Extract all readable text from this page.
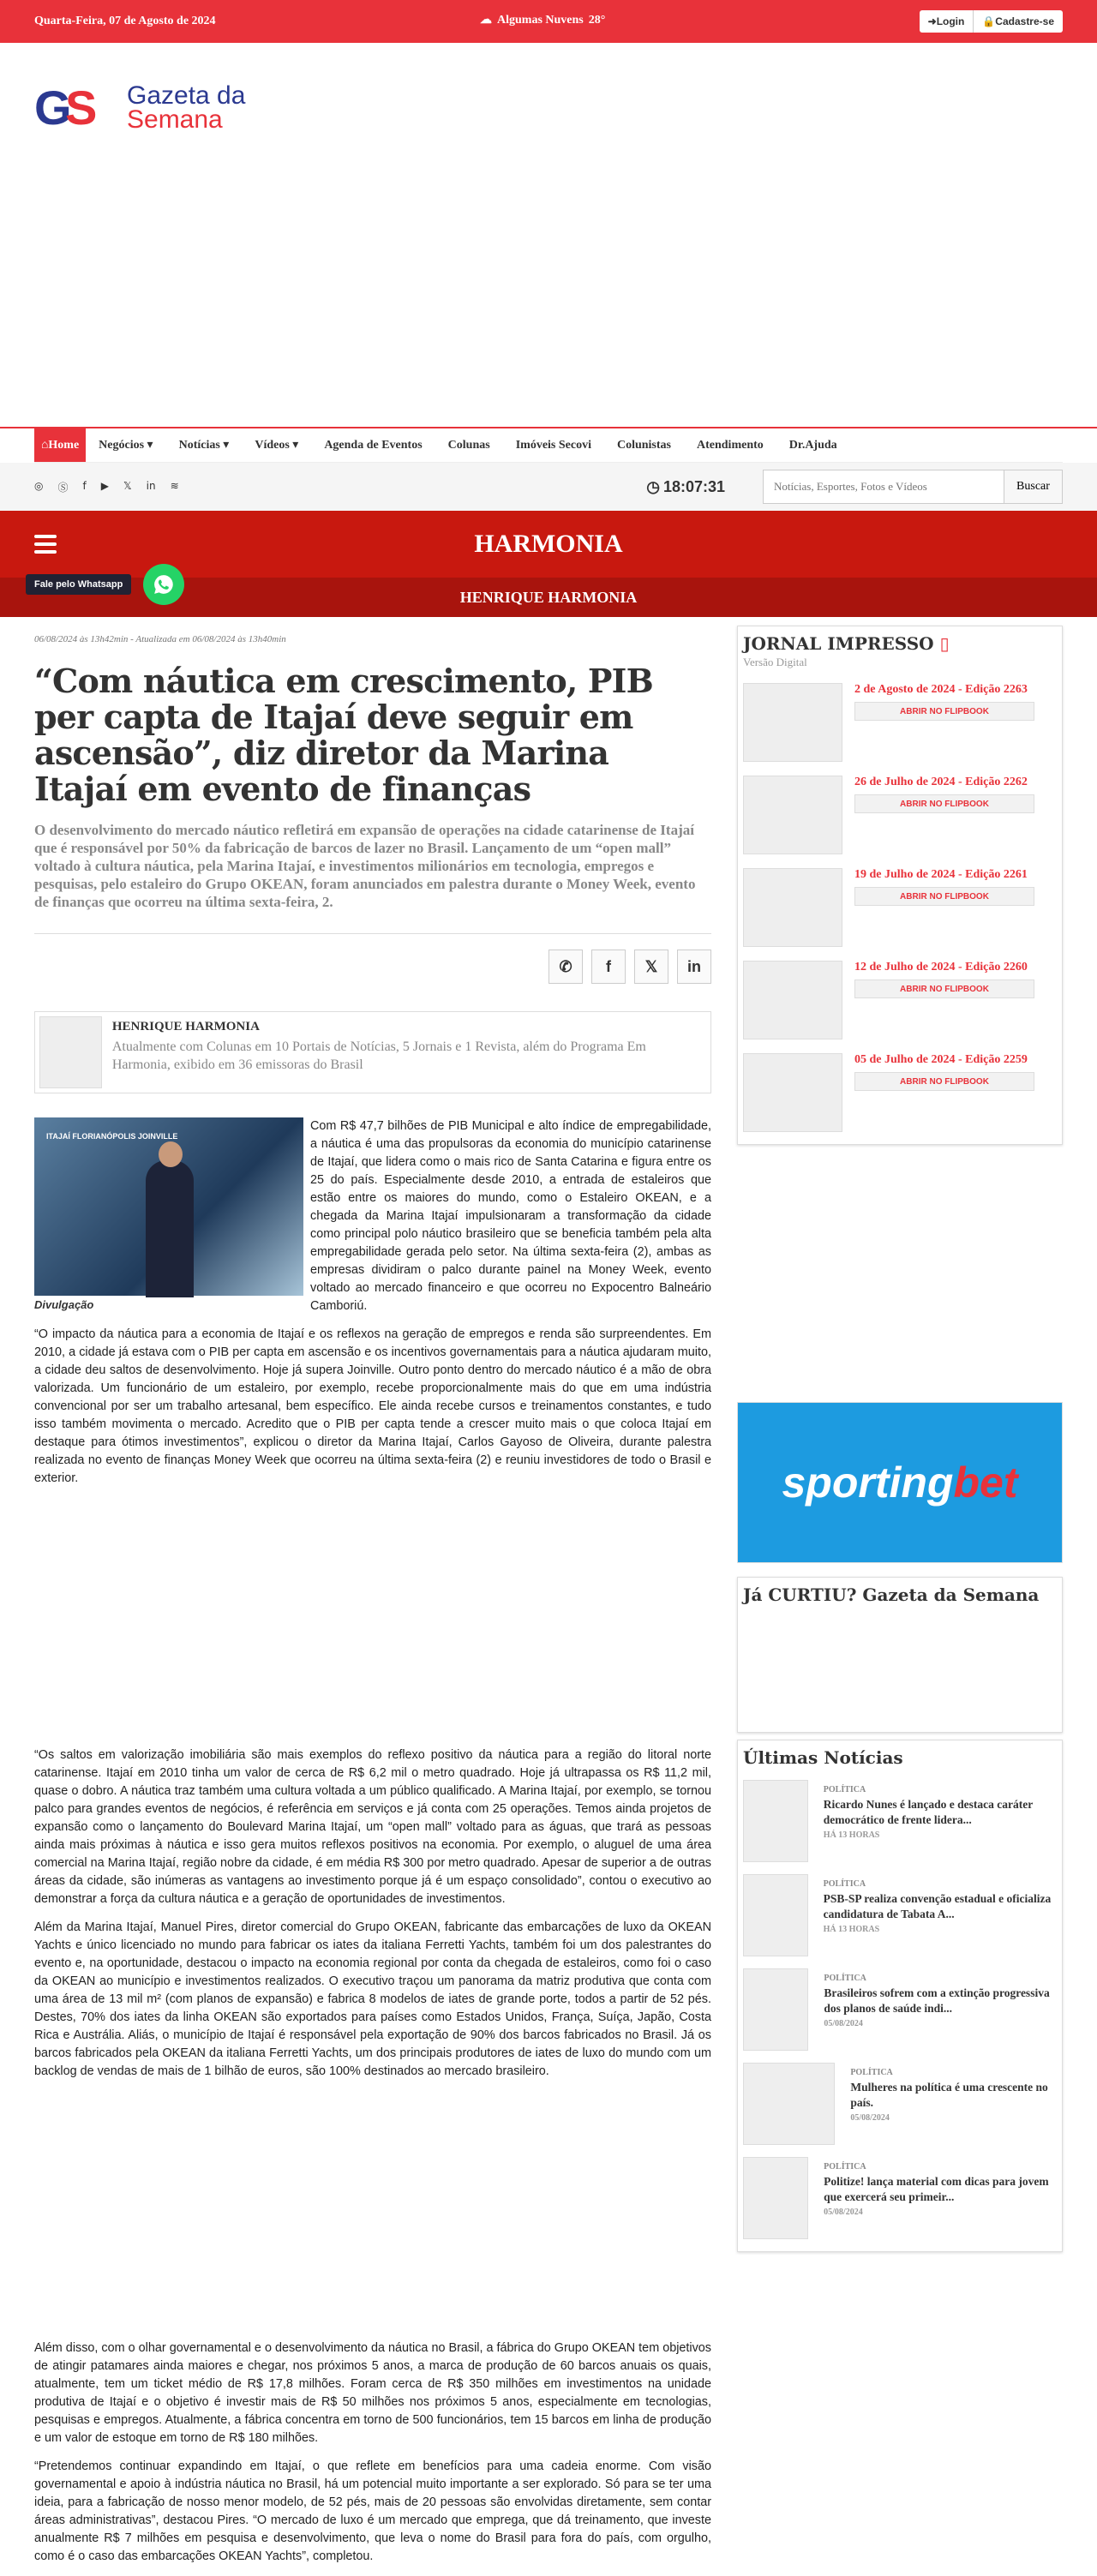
Quarta-Feira, 07 de Agosto de 2024	☁ Algumas Nuvens 28°	➜Login	🔒Cadastre-se
G
S Gazeta da
Semana
⌂ Home	Negócios ▾	Notícias ▾	Vídeos ▾	Agenda de Eventos	Colunas	Imóveis Secovi	Colunistas	Atendimento	Dr.Ajuda
◎ Ⓢ f ▶ 𝕏 in ≋	◷ 18:07:31
Notícias, Esportes, Fotos e Vídeos	Buscar
HARMONIA
HENRIQUE HARMONIA
Fale pelo Whatsapp
06/08/2024 às 13h42min - Atualizada em 06/08/2024 às 13h40min
“Com náutica em crescimento, PIB per capta de Itajaí deve seguir em ascensão”, diz diretor da Marina Itajaí em evento de finanças

O desenvolvimento do mercado náutico refletirá em expansão de operações na cidade catarinense de Itajaí que é responsável por 50% da fabricação de barcos de lazer no Brasil. Lançamento de um “open mall” voltado à cultura náutica, pela Marina Itajaí, e investimentos milionários em tecnologia, empregos e pesquisas, pelo estaleiro do Grupo OKEAN, foram anunciados em palestra durante o Money Week, evento de finanças que ocorreu na última sexta-feira, 2.

✆	f	𝕏	in
HENRIQUE HARMONIA
Atualmente com Colunas em 10 Portais de Notícias, 5 Jornais e 1 Revista, além do Programa Em Harmonia, exibido em 36 emissoras do Brasil
ITAJAÍ FLORIANÓPOLIS JOINVILLE
Divulgação

Com R$ 47,7 bilhões de PIB Municipal e alto índice de empregabilidade, a náutica é uma das propulsoras da economia do município catarinense de Itajaí, que lidera como o mais rico de Santa Catarina e figura entre os 25 do país. Especialmente desde 2010, a entrada de estaleiros que estão entre os maiores do mundo, como o Estaleiro OKEAN, e a chegada da Marina Itajaí impulsionaram a transformação da cidade como principal polo náutico brasileiro que se beneficia também pela alta empregabilidade gerada pelo setor. Na última sexta-feira (2), ambas as empresas dividiram o palco durante painel na Money Week, evento voltado ao mercado financeiro e que ocorreu no Expocentro Balneário Camboriú.

“O impacto da náutica para a economia de Itajaí e os reflexos na geração de empregos e renda são surpreendentes. Em 2010, a cidade já estava com o PIB per capta em ascensão e os incentivos governamentais para a náutica ajudaram muito, a cidade deu saltos de desenvolvimento. Hoje já supera Joinville. Outro ponto dentro do mercado náutico é a mão de obra valorizada. Um funcionário de um estaleiro, por exemplo, recebe proporcionalmente mais do que em uma indústria convencional por ser um trabalho artesanal, bem específico. Ele ainda recebe cursos e treinamentos constantes, e tudo isso também movimenta o mercado. Acredito que o PIB per capta tende a crescer muito mais o que coloca Itajaí em destaque para ótimos investimentos”, explicou o diretor da Marina Itajaí, Carlos Gayoso de Oliveira, durante palestra realizada no evento de finanças Money Week que ocorreu na última sexta-feira (2) e reuniu investidores de todo o Brasil e exterior.

“Os saltos em valorização imobiliária são mais exemplos do reflexo positivo da náutica para a região do litoral norte catarinense. Itajaí em 2010 tinha um valor de cerca de R$ 6,2 mil o metro quadrado. Hoje já ultrapassa os R$ 11,2 mil, quase o dobro. A náutica traz também uma cultura voltada a um público qualificado. A Marina Itajaí, por exemplo, se tornou palco para grandes eventos de negócios, é referência em serviços e já conta com 25 operações. Temos ainda projetos de expansão como o lançamento do Boulevard Marina Itajaí, um “open mall” voltado para as águas, que trará as pessoas ainda mais próximas à náutica e isso gera muitos reflexos positivos na economia. Por exemplo, o aluguel de uma área comercial na Marina Itajaí, região nobre da cidade, é em média R$ 300 por metro quadrado. Apesar de superior a de outras áreas da cidade, são inúmeras as vantagens ao investimento porque já é um espaço consolidado”, contou o executivo ao demonstrar a força da cultura náutica e a geração de oportunidades de investimentos.

Além da Marina Itajaí, Manuel Pires, diretor comercial do Grupo OKEAN, fabricante das embarcações de luxo da OKEAN Yachts e único licenciado no mundo para fabricar os iates da italiana Ferretti Yachts, também foi um dos palestrantes do evento e, na oportunidade, destacou o impacto na economia regional por conta da chegada de estaleiros, como foi o caso da OKEAN ao município e investimentos realizados. O executivo traçou um panorama da matriz produtiva que conta com uma área de 13 mil m² (com planos de expansão) e fabrica 8 modelos de iates de grande porte, todos a partir de 52 pés. Destes, 70% dos iates da linha OKEAN são exportados para países como Estados Unidos, França, Suíça, Japão, Costa Rica e Austrália. Aliás, o município de Itajaí é responsável pela exportação de 90% dos barcos fabricados no Brasil. Já os barcos fabricados pela OKEAN da italiana Ferretti Yachts, um dos principais produtores de iates de luxo do mundo com um backlog de vendas de mais de 1 bilhão de euros, são 100% destinados ao mercado brasileiro.

Além disso, com o olhar governamental e o desenvolvimento da náutica no Brasil, a fábrica do Grupo OKEAN tem objetivos de atingir patamares ainda maiores e chegar, nos próximos 5 anos, a marca de produção de 60 barcos anuais os quais, atualmente, tem um ticket médio de R$ 17,8 milhões. Foram cerca de R$ 350 milhões em investimentos na unidade produtiva de Itajaí e o objetivo é investir mais de R$ 50 milhões nos próximos 5 anos, especialmente em tecnologias, pesquisas e empregos. Atualmente, a fábrica concentra em torno de 500 funcionários, tem 15 barcos em linha de produção e um valor de estoque em torno de R$ 180 milhões.

“Pretendemos continuar expandindo em Itajaí, o que reflete em benefícios para uma cadeia enorme. Com visão governamental e apoio à indústria náutica no Brasil, há um potencial muito importante a ser explorado. Só para se ter uma ideia, para a fabricação de nosso menor modelo, de 52 pés, mais de 20 pessoas são envolvidas diretamente, sem contar áreas administrativas”, destacou Pires. “O mercado de luxo é um mercado que emprega, que dá treinamento, que investe anualmente R$ 7 milhões em pesquisa e desenvolvimento, que leva o nome do Brasil para fora do país, com orgulho, como é o caso das embarcações OKEAN Yachts”, completou.

JORNAL IMPRESSO ▯
Versão Digital
2 de Agosto de 2024 - Edição 2263
ABRIR NO FLIPBOOK
26 de Julho de 2024 - Edição 2262
ABRIR NO FLIPBOOK
19 de Julho de 2024 - Edição 2261
ABRIR NO FLIPBOOK
12 de Julho de 2024 - Edição 2260
ABRIR NO FLIPBOOK
05 de Julho de 2024 - Edição 2259
ABRIR NO FLIPBOOK
sporting bet
Já CURTIU? Gazeta da Semana
Últimas Notícias
POLÍTICA
Ricardo Nunes é lançado e destaca caráter democrático de frente lidera...
HÁ 13 HORAS
POLÍTICA
PSB-SP realiza convenção estadual e oficializa candidatura de Tabata A...
HÁ 13 HORAS
POLÍTICA
Brasileiros sofrem com a extinção progressiva dos planos de saúde indi...
05/08/2024
POLÍTICA
Mulheres na política é uma crescente no país.
05/08/2024
POLÍTICA
Politize! lança material com dicas para jovem que exercerá seu primeir...
05/08/2024
